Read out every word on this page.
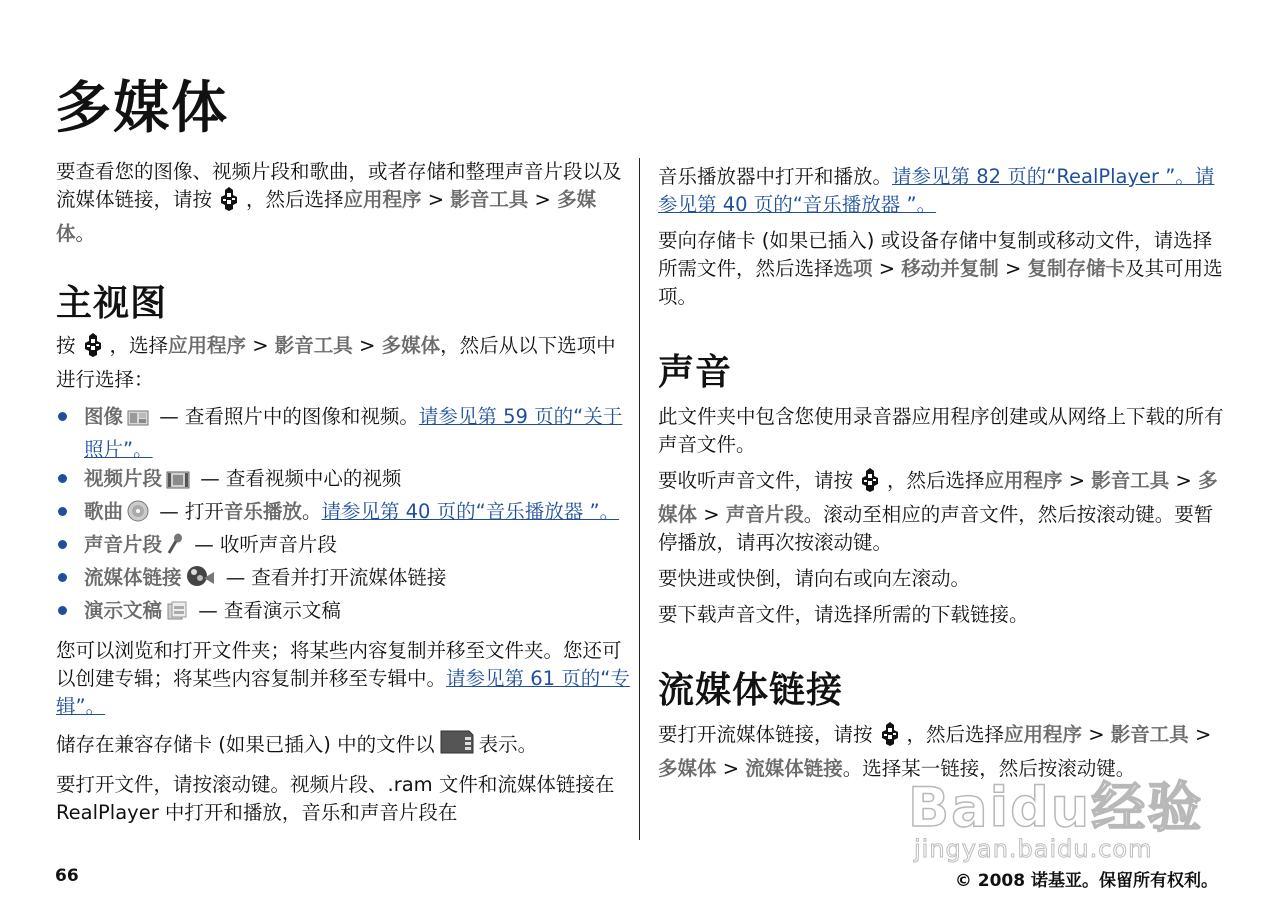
多媒体

要查看您的图像、视频片段和歌曲，或者存储和整理声音片段以及流媒体链接，请按 ，然后选择应用程序 > 影音工具 > 多媒体。

主视图

按 ，选择应用程序 > 影音工具 > 多媒体，然后从以下选项中进行选择：

图像 — 查看照片中的图像和视频。请参见第 59 页的“关于照片”。
视频片段 — 查看视频中心的视频
歌曲 — 打开音乐播放。请参见第 40 页的“音乐播放器 ”。
声音片段 — 收听声音片段
流媒体链接 — 查看并打开流媒体链接
演示文稿 — 查看演示文稿

您可以浏览和打开文件夹；将某些内容复制并移至文件夹。您还可以创建专辑；将某些内容复制并移至专辑中。请参见第 61 页的“专辑”。

储存在兼容存储卡 (如果已插入) 中的文件以 表示。

要打开文件，请按滚动键。视频片段、.ram 文件和流媒体链接在 RealPlayer 中打开和播放，音乐和声音片段在

音乐播放器中打开和播放。请参见第 82 页的“RealPlayer ”。请参见第 40 页的“音乐播放器 ”。

要向存储卡 (如果已插入) 或设备存储中复制或移动文件，请选择所需文件，然后选择选项 > 移动并复制 > 复制存储卡及其可用选项。

声音

此文件夹中包含您使用录音器应用程序创建或从网络上下载的所有声音文件。

要收听声音文件，请按 ，然后选择应用程序 > 影音工具 > 多媒体 > 声音片段。滚动至相应的声音文件，然后按滚动键。要暂停播放，请再次按滚动键。

要快进或快倒，请向右或向左滚动。

要下载声音文件，请选择所需的下载链接。

流媒体链接

要打开流媒体链接，请按 ，然后选择应用程序 > 影音工具 > 多媒体 > 流媒体链接。选择某一链接，然后按滚动键。

Baidu经验
jingyan.baidu.com
66	© 2008 诺基亚。保留所有权利。
